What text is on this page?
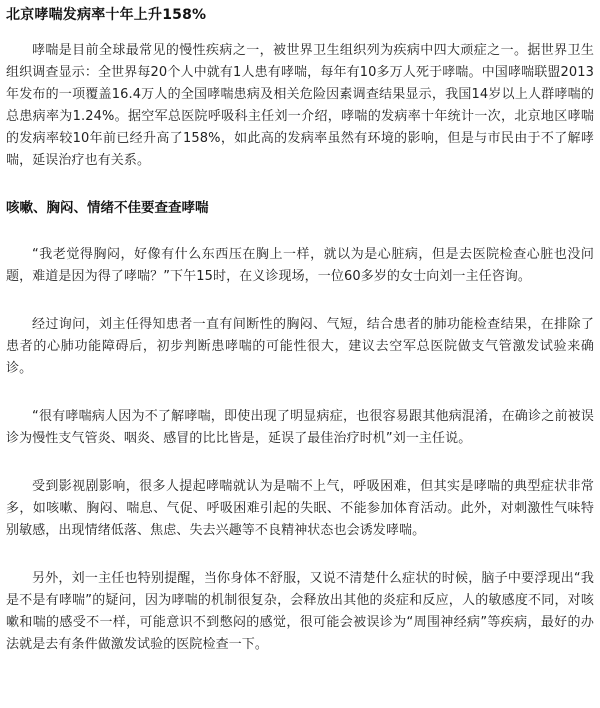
北京哮喘发病率十年上升158%

哮喘是目前全球最常见的慢性疾病之一，被世界卫生组织列为疾病中四大顽症之一。据世界卫生组织调查显示：全世界每20个人中就有1人患有哮喘，每年有10多万人死于哮喘。中国哮喘联盟2013年发布的一项覆盖16.4万人的全国哮喘患病及相关危险因素调查结果显示，我国14岁以上人群哮喘的总患病率为1.24%。据空军总医院呼吸科主任刘一介绍，哮喘的发病率十年统计一次，北京地区哮喘的发病率较10年前已经升高了158%，如此高的发病率虽然有环境的影响，但是与市民由于不了解哮喘，延误治疗也有关系。

咳嗽、胸闷、情绪不佳要查查哮喘

“我老觉得胸闷，好像有什么东西压在胸上一样，就以为是心脏病，但是去医院检查心脏也没问题，难道是因为得了哮喘？”下午15时，在义诊现场，一位60多岁的女士向刘一主任咨询。

经过询问，刘主任得知患者一直有间断性的胸闷、气短，结合患者的肺功能检查结果，在排除了患者的心肺功能障碍后，初步判断患哮喘的可能性很大，建议去空军总医院做支气管激发试验来确诊。

“很有哮喘病人因为不了解哮喘，即使出现了明显病症，也很容易跟其他病混淆，在确诊之前被误诊为慢性支气管炎、咽炎、感冒的比比皆是，延误了最佳治疗时机”刘一主任说。

受到影视剧影响，很多人提起哮喘就认为是喘不上气，呼吸困难，但其实是哮喘的典型症状非常多，如咳嗽、胸闷、喘息、气促、呼吸困难引起的失眠、不能参加体育活动。此外，对刺激性气味特别敏感，出现情绪低落、焦虑、失去兴趣等不良精神状态也会诱发哮喘。

另外，刘一主任也特别提醒，当你身体不舒服，又说不清楚什么症状的时候，脑子中要浮现出“我是不是有哮喘”的疑问，因为哮喘的机制很复杂，会释放出其他的炎症和反应，人的敏感度不同，对咳嗽和喘的感受不一样，可能意识不到憋闷的感觉，很可能会被误诊为“周围神经病”等疾病，最好的办法就是去有条件做激发试验的医院检查一下。
